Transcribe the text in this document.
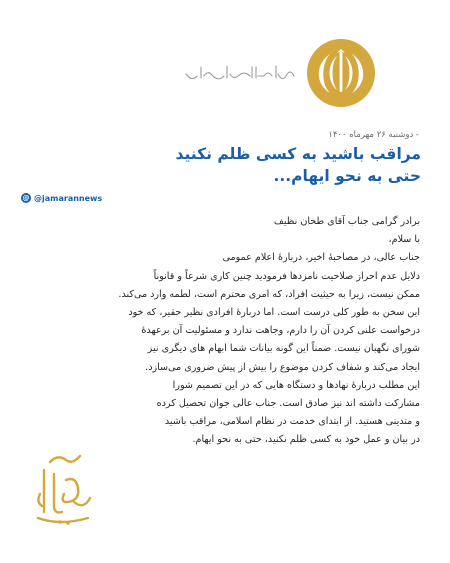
- دوشنبه ۲۶ مهرماه ۱۴۰۰
مراقب باشید به کسی ظلم نکنید
حتی به نحو ایهام...
@ @jamarannews
برادر گرامی جناب آقای طحان نظیف
با سلام،
جناب عالی، در مصاحبهٔ اخیر، دربارهٔ اعلام عمومی
دلایل عدم احراز صلاحیت نامزدها فرمودید چنین کاری شرعاً و قانوناً
ممکن نیست، زیرا به حیثیت افراد، که امری محترم است، لطمه وارد می‌کند.
این سخن به طور کلی درست است. اما دربارهٔ افرادی نظیر حقیر، که خود
درخواست علنی کردن آن را دارم، وجاهت ندارد و مسئولیت آن برعهدهٔ
شورای نگهبان نیست. ضمناً این گونه بیانات شما ابهام های دیگری نیز
ایجاد می‌کند و شفاف کردن موضوع را بیش از پیش ضروری می‌سازد.
این مطلب دربارهٔ نهادها و دستگاه هایی که در این تصمیم شورا
مشارکت داشته اند نیز صادق است. جناب عالی جوان تحصیل کرده
و متدینی هستید. از ابتدای خدمت در نظام اسلامی، مراقب باشید
در بیان و عمل خود به کسی ظلم نکنید، حتی به نحو ایهام.
